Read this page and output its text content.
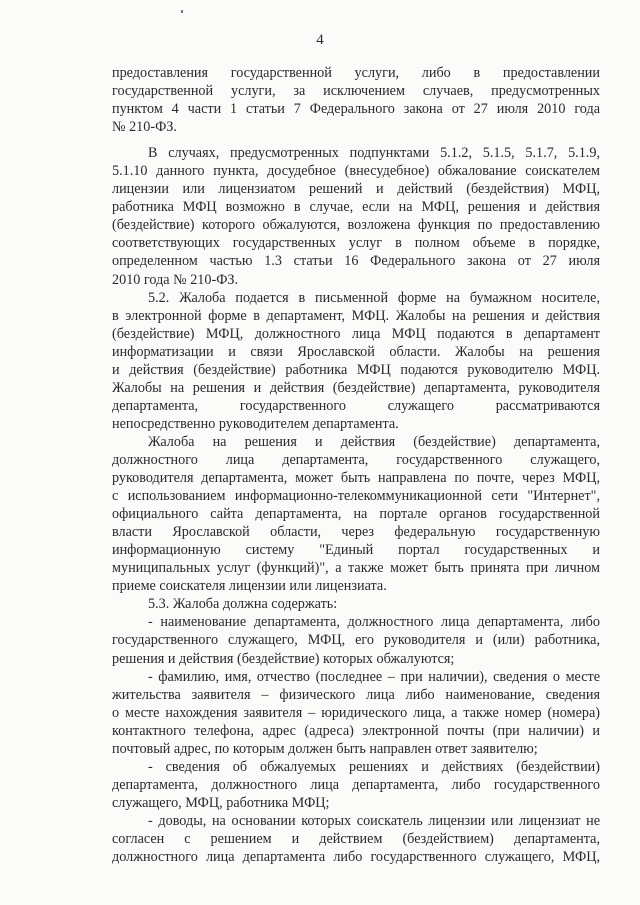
4
предоставления государственной услуги, либо в предоставлении
государственной услуги, за исключением случаев, предусмотренных
пунктом 4 части 1 статьи 7 Федерального закона от 27 июля 2010 года
№ 210-ФЗ.
В случаях, предусмотренных подпунктами 5.1.2, 5.1.5, 5.1.7, 5.1.9,
5.1.10 данного пункта, досудебное (внесудебное) обжалование соискателем
лицензии или лицензиатом решений и действий (бездействия) МФЦ,
работника МФЦ возможно в случае, если на МФЦ, решения и действия
(бездействие) которого обжалуются, возложена функция по предоставлению
соответствующих государственных услуг в полном объеме в порядке,
определенном частью 1.3 статьи 16 Федерального закона от 27 июля
2010 года № 210-ФЗ.
5.2. Жалоба подается в письменной форме на бумажном носителе,
в электронной форме в департамент, МФЦ. Жалобы на решения и действия
(бездействие) МФЦ, должностного лица МФЦ подаются в департамент
информатизации и связи Ярославской области. Жалобы на решения
и действия (бездействие) работника МФЦ подаются руководителю МФЦ.
Жалобы на решения и действия (бездействие) департамента, руководителя
департамента, государственного служащего рассматриваются
непосредственно руководителем департамента.
Жалоба на решения и действия (бездействие) департамента,
должностного лица департамента, государственного служащего,
руководителя департамента, может быть направлена по почте, через МФЦ,
с использованием информационно-телекоммуникационной сети "Интернет",
официального сайта департамента, на портале органов государственной
власти Ярославской области, через федеральную государственную
информационную систему "Единый портал государственных и
муниципальных услуг (функций)", а также может быть принята при личном
приеме соискателя лицензии или лицензиата.
5.3. Жалоба должна содержать:
- наименование департамента, должностного лица департамента, либо
государственного служащего, МФЦ, его руководителя и (или) работника,
решения и действия (бездействие) которых обжалуются;
- фамилию, имя, отчество (последнее – при наличии), сведения о месте
жительства заявителя – физического лица либо наименование, сведения
о месте нахождения заявителя – юридического лица, а также номер (номера)
контактного телефона, адрес (адреса) электронной почты (при наличии) и
почтовый адрес, по которым должен быть направлен ответ заявителю;
- сведения об обжалуемых решениях и действиях (бездействии)
департамента, должностного лица департамента, либо государственного
служащего, МФЦ, работника МФЦ;
- доводы, на основании которых соискатель лицензии или лицензиат не
согласен с решением и действием (бездействием) департамента,
должностного лица департамента либо государственного служащего, МФЦ,
